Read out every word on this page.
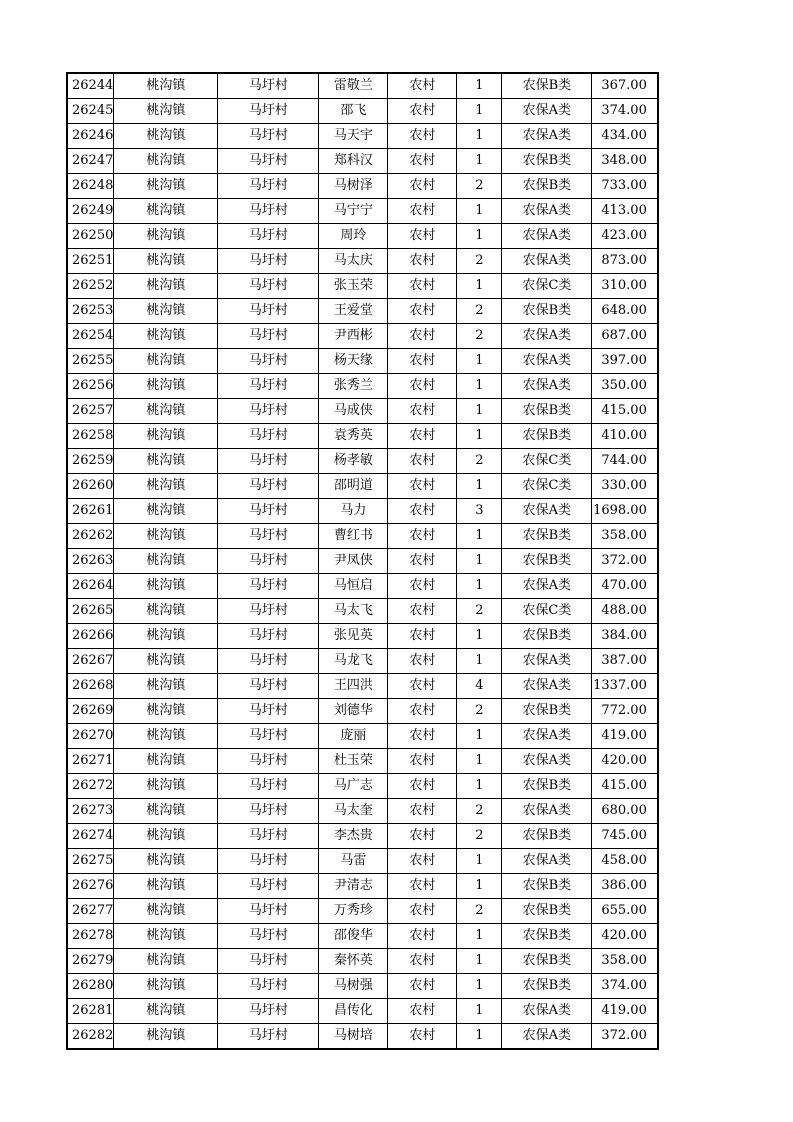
26244	桃沟镇	马圩村	雷敬兰	农村	1	农保B类	367.00
26245	桃沟镇	马圩村	邵飞	农村	1	农保A类	374.00
26246	桃沟镇	马圩村	马天宇	农村	1	农保A类	434.00
26247	桃沟镇	马圩村	郑科汉	农村	1	农保B类	348.00
26248	桃沟镇	马圩村	马树泽	农村	2	农保B类	733.00
26249	桃沟镇	马圩村	马宁宁	农村	1	农保A类	413.00
26250	桃沟镇	马圩村	周玲	农村	1	农保A类	423.00
26251	桃沟镇	马圩村	马太庆	农村	2	农保A类	873.00
26252	桃沟镇	马圩村	张玉荣	农村	1	农保C类	310.00
26253	桃沟镇	马圩村	王爱堂	农村	2	农保B类	648.00
26254	桃沟镇	马圩村	尹西彬	农村	2	农保A类	687.00
26255	桃沟镇	马圩村	杨天缘	农村	1	农保A类	397.00
26256	桃沟镇	马圩村	张秀兰	农村	1	农保A类	350.00
26257	桃沟镇	马圩村	马成侠	农村	1	农保B类	415.00
26258	桃沟镇	马圩村	袁秀英	农村	1	农保B类	410.00
26259	桃沟镇	马圩村	杨孝敏	农村	2	农保C类	744.00
26260	桃沟镇	马圩村	邵明道	农村	1	农保C类	330.00
26261	桃沟镇	马圩村	马力	农村	3	农保A类	1698.00
26262	桃沟镇	马圩村	曹红书	农村	1	农保B类	358.00
26263	桃沟镇	马圩村	尹凤侠	农村	1	农保B类	372.00
26264	桃沟镇	马圩村	马恒启	农村	1	农保A类	470.00
26265	桃沟镇	马圩村	马太飞	农村	2	农保C类	488.00
26266	桃沟镇	马圩村	张见英	农村	1	农保B类	384.00
26267	桃沟镇	马圩村	马龙飞	农村	1	农保A类	387.00
26268	桃沟镇	马圩村	王四洪	农村	4	农保A类	1337.00
26269	桃沟镇	马圩村	刘德华	农村	2	农保B类	772.00
26270	桃沟镇	马圩村	庞丽	农村	1	农保A类	419.00
26271	桃沟镇	马圩村	杜玉荣	农村	1	农保A类	420.00
26272	桃沟镇	马圩村	马广志	农村	1	农保B类	415.00
26273	桃沟镇	马圩村	马太奎	农村	2	农保A类	680.00
26274	桃沟镇	马圩村	李杰贵	农村	2	农保B类	745.00
26275	桃沟镇	马圩村	马雷	农村	1	农保A类	458.00
26276	桃沟镇	马圩村	尹清志	农村	1	农保B类	386.00
26277	桃沟镇	马圩村	万秀珍	农村	2	农保B类	655.00
26278	桃沟镇	马圩村	邵俊华	农村	1	农保B类	420.00
26279	桃沟镇	马圩村	秦怀英	农村	1	农保B类	358.00
26280	桃沟镇	马圩村	马树强	农村	1	农保B类	374.00
26281	桃沟镇	马圩村	昌传化	农村	1	农保A类	419.00
26282	桃沟镇	马圩村	马树培	农村	1	农保A类	372.00
